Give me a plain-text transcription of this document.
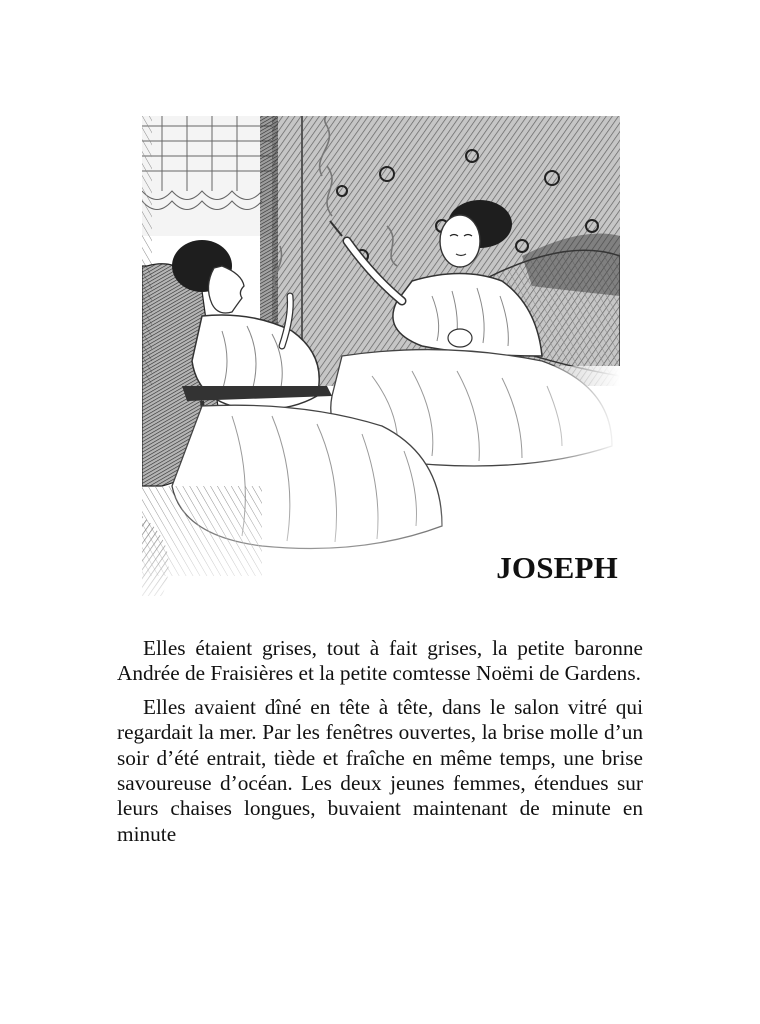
JOSEPH

Elles étaient grises, tout à fait grises, la petite baronne Andrée de Fraisières et la petite comtesse Noëmi de Gardens.

Elles avaient dîné en tête à tête, dans le salon vitré qui regardait la mer. Par les fenêtres ouvertes, la brise molle d’un soir d’été entrait, tiède et fraîche en même temps, une brise savoureuse d’océan. Les deux jeunes femmes, étendues sur leurs chaises longues, buvaient maintenant de minute en minute
